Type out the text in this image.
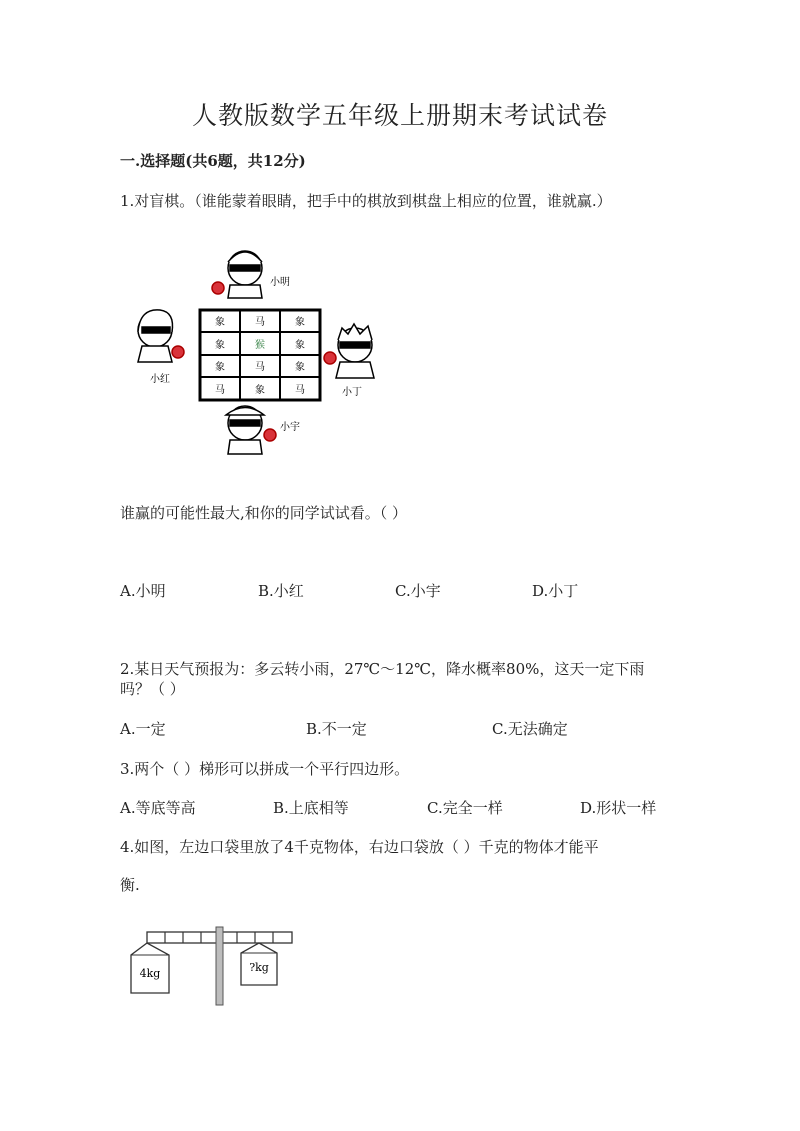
人教版数学五年级上册期末考试试卷
一.选择题(共6题，共12分)
1.对盲棋。（谁能蒙着眼睛，把手中的棋放到棋盘上相应的位置，谁就赢.）
象	马	象
象	猴	象
象	马	象
马	象	马
小明
小红
小丁
小宇
谁赢的可能性最大,和你的同学试试看。（ ）
A.小明	B.小红	C.小宇	D.小丁
2.某日天气预报为：多云转小雨，27℃～12℃，降水概率80%，这天一定下雨
吗？（ ）
A.一定	B.不一定	C.无法确定
3.两个（ ）梯形可以拼成一个平行四边形。
A.等底等高	B.上底相等	C.完全一样	D.形状一样
4.如图，左边口袋里放了4千克物体，右边口袋放（ ）千克的物体才能平
衡.
4kg	?kg
